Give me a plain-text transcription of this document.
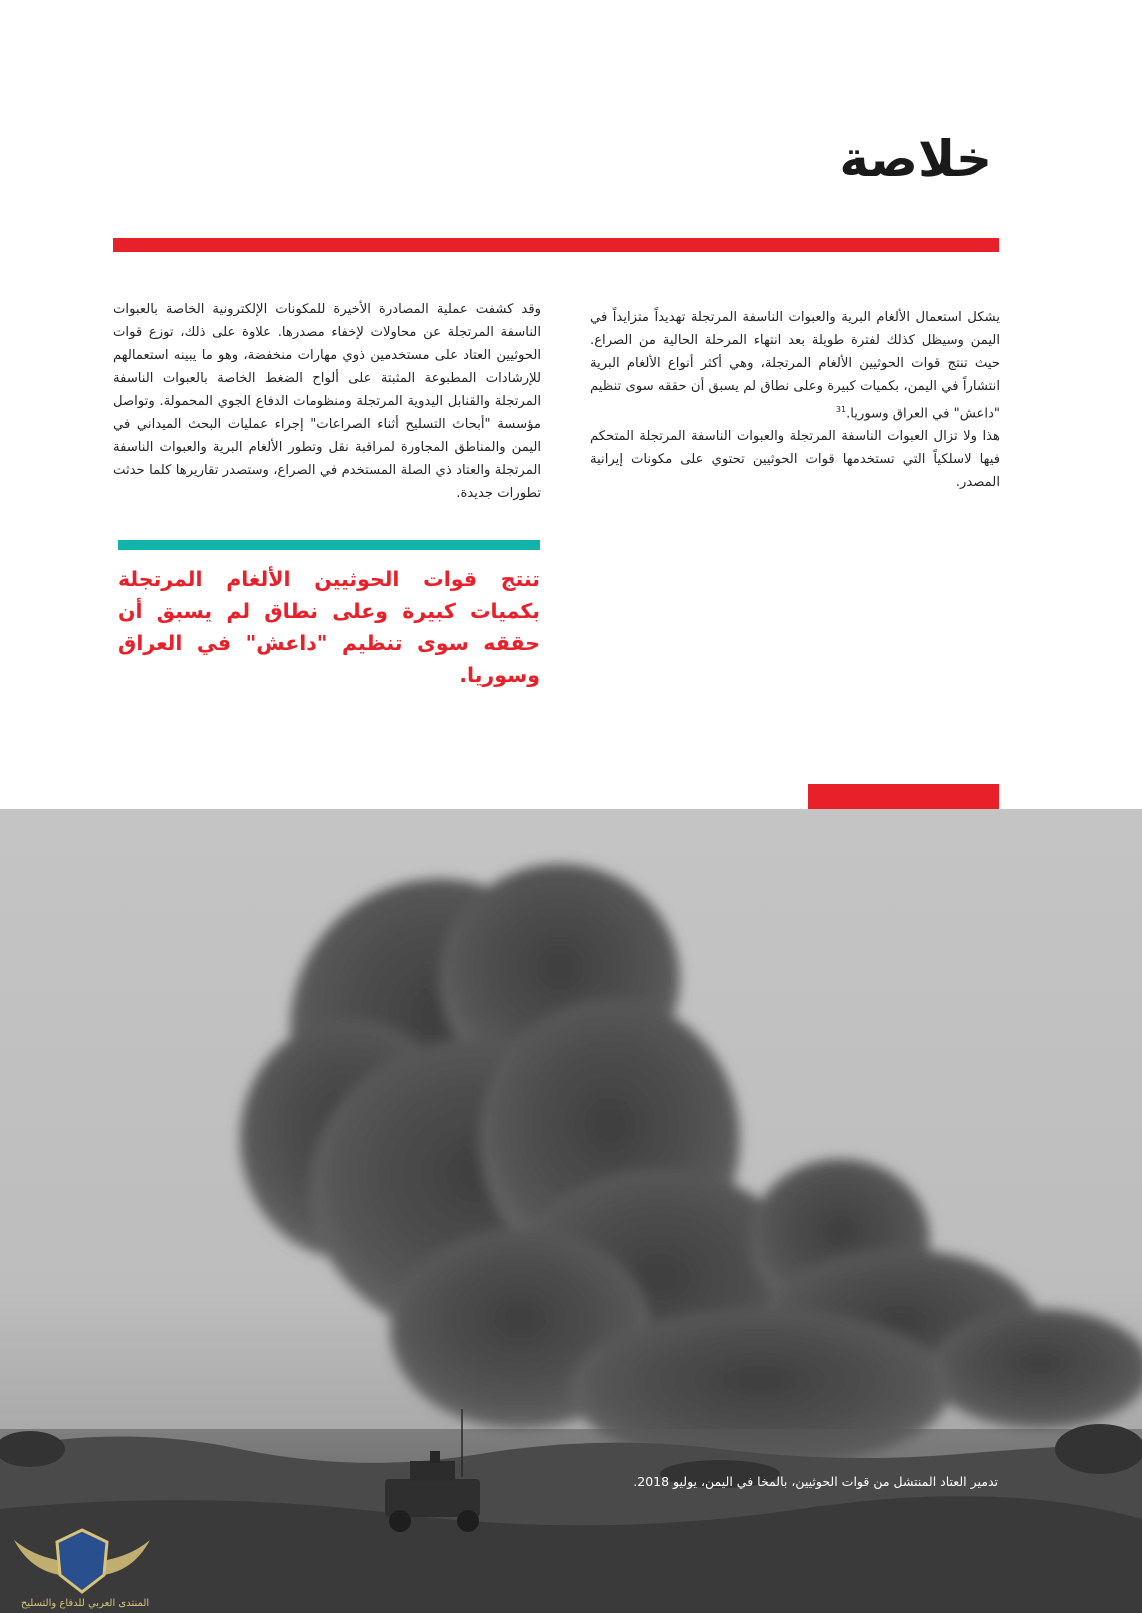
خلاصة

يشكل استعمال الألغام البرية والعبوات الناسفة المرتجلة تهديداً متزايداً في اليمن وسيظل كذلك لفترة طويلة بعد انتهاء المرحلة الحالية من الصراع. حيث تنتج قوات الحوثيين الألغام المرتجلة، وهي أكثر أنواع الألغام البرية انتشاراً في اليمن، بكميات كبيرة وعلى نطاق لم يسبق أن حققه سوى تنظيم "داعش" في العراق وسوريا.$^{31}$

هذا ولا تزال العبوات الناسفة المرتجلة والعبوات الناسفة المرتجلة المتحكم فيها لاسلكياً التي تستخدمها قوات الحوثيين تحتوي على مكونات إيرانية المصدر.

وقد كشفت عملية المصادرة الأخيرة للمكونات الإلكترونية الخاصة بالعبوات الناسفة المرتجلة عن محاولات لإخفاء مصدرها. علاوة على ذلك، توزع قوات الحوثيين العتاد على مستخدمين ذوي مهارات منخفضة، وهو ما يبينه استعمالهم للإرشادات المطبوعة المثبتة على ألواح الضغط الخاصة بالعبوات الناسفة المرتجلة والقنابل اليدوية المرتجلة ومنظومات الدفاع الجوي المحمولة. وتواصل مؤسسة "أبحاث التسليح أثناء الصراعات" إجراء عمليات البحث الميداني في اليمن والمناطق المجاورة لمراقبة نقل وتطور الألغام البرية والعبوات الناسفة المرتجلة والعتاد ذي الصلة المستخدم في الصراع، وستصدر تقاريرها كلما حدثت تطورات جديدة.

تنتج قوات الحوثيين الألغام المرتجلة بكميات كبيرة وعلى نطاق لم يسبق أن حققه سوى تنظيم "داعش" في العراق وسوريا.

تدمير العتاد المنتشل من قوات الحوثيين، بالمخا في اليمن، يوليو 2018.

المنتدى العربي للدفاع والتسليح
